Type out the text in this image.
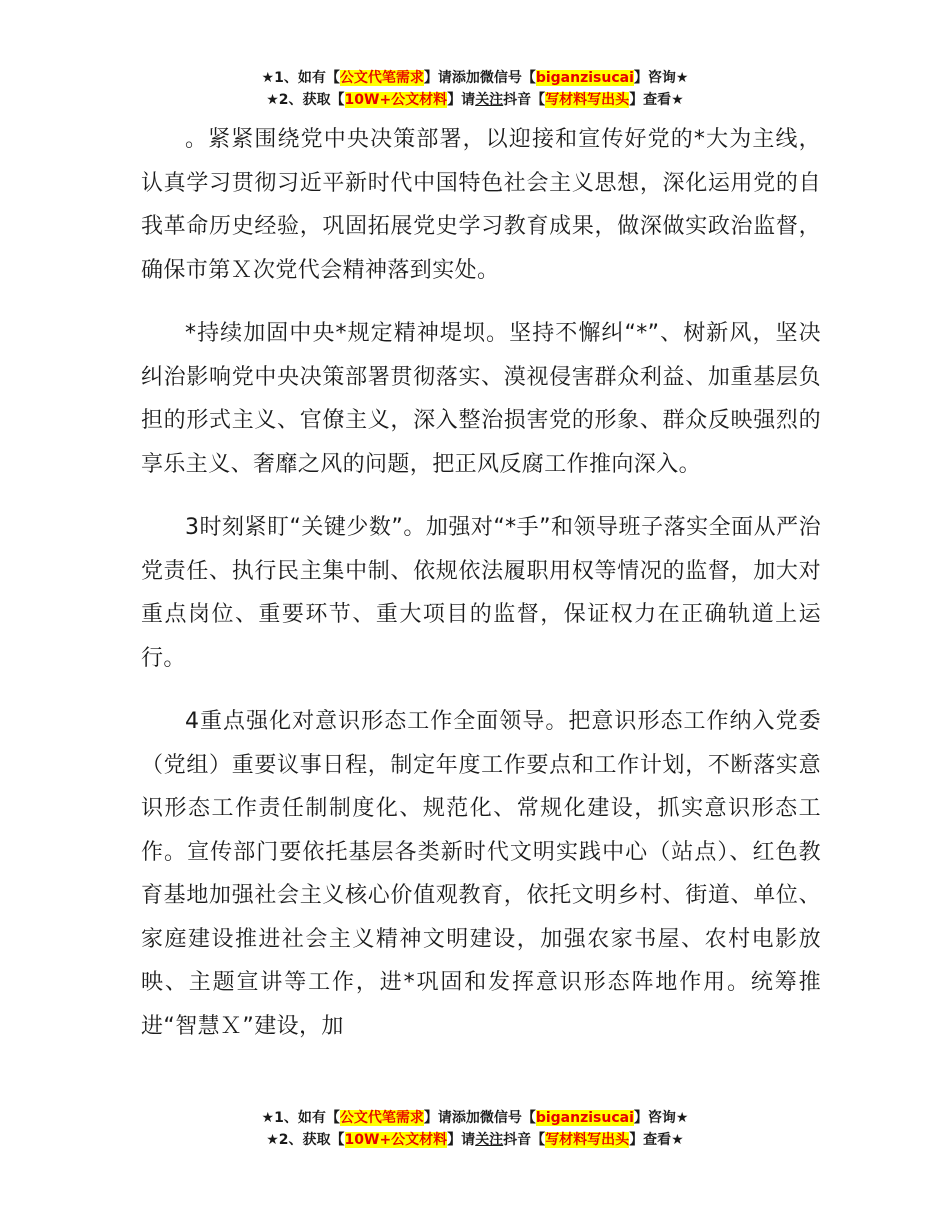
★1、如有【公文代笔需求】请添加微信号【biganzisucai】咨询★
★2、获取【10W+公文材料】请关注抖音【写材料写出头】查看★

。紧紧围绕党中央决策部署，以迎接和宣传好党的*大为主线，认真学习贯彻习近平新时代中国特色社会主义思想，深化运用党的自我革命历史经验，巩固拓展党史学习教育成果，做深做实政治监督，确保市第Ｘ次党代会精神落到实处。

*持续加固中央*规定精神堤坝。坚持不懈纠“*”、树新风，坚决纠治影响党中央决策部署贯彻落实、漠视侵害群众利益、加重基层负担的形式主义、官僚主义，深入整治损害党的形象、群众反映强烈的享乐主义、奢靡之风的问题，把正风反腐工作推向深入。

3时刻紧盯“关键少数”。加强对“*手”和领导班子落实全面从严治党责任、执行民主集中制、依规依法履职用权等情况的监督，加大对重点岗位、重要环节、重大项目的监督，保证权力在正确轨道上运行。

4重点强化对意识形态工作全面领导。把意识形态工作纳入党委（党组）重要议事日程，制定年度工作要点和工作计划，不断落实意识形态工作责任制制度化、规范化、常规化建设，抓实意识形态工作。宣传部门要依托基层各类新时代文明实践中心（站点）、红色教育基地加强社会主义核心价值观教育，依托文明乡村、街道、单位、家庭建设推进社会主义精神文明建设，加强农家书屋、农村电影放映、主题宣讲等工作，进*巩固和发挥意识形态阵地作用。统筹推进“智慧Ｘ”建设，加

★1、如有【公文代笔需求】请添加微信号【biganzisucai】咨询★
★2、获取【10W+公文材料】请关注抖音【写材料写出头】查看★
